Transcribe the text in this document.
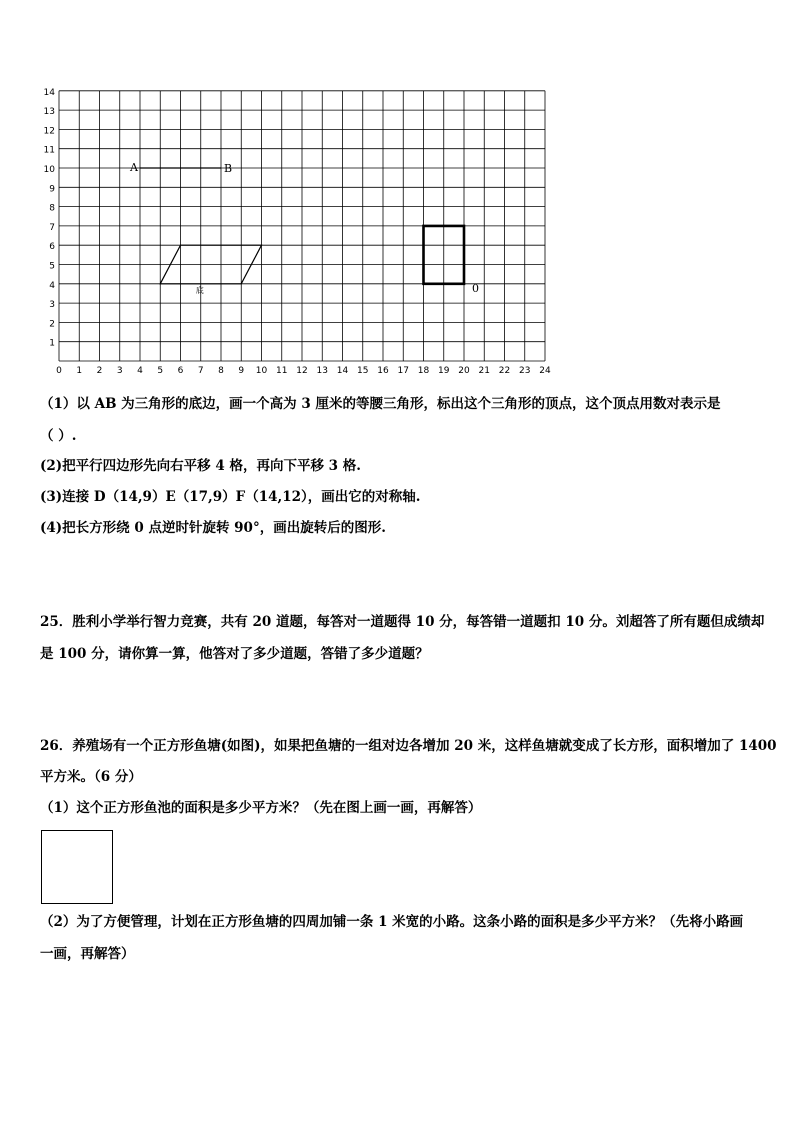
0 1 2 3 4 5 6 7 8 9 10 11 12 13 14 15 16 17 18 19 20 21 22 23 24
1
2
3
4
5
6
7
8
9
10
11
12
13
14
A	B
底	0
（1）以 AB 为三角形的底边，画一个高为 3 厘米的等腰三角形，标出这个三角形的顶点，这个顶点用数对表示是
（ ）.
(2)把平行四边形先向右平移 4 格，再向下平移 3 格.
(3)连接 D（14,9）E（17,9）F（14,12），画出它的对称轴.
(4)把长方形绕 0 点逆时针旋转 90°，画出旋转后的图形.
25．胜利小学举行智力竞赛，共有 20 道题，每答对一道题得 10 分，每答错一道题扣 10 分。刘超答了所有题但成绩却
是 100 分，请你算一算，他答对了多少道题，答错了多少道题？
26．养殖场有一个正方形鱼塘(如图)，如果把鱼塘的一组对边各增加 20 米，这样鱼塘就变成了长方形，面积增加了 1400
平方米。（6 分）
（1）这个正方形鱼池的面积是多少平方米？（先在图上画一画，再解答）
（2）为了方便管理，计划在正方形鱼塘的四周加铺一条 1 米宽的小路。这条小路的面积是多少平方米？（先将小路画
一画，再解答）
